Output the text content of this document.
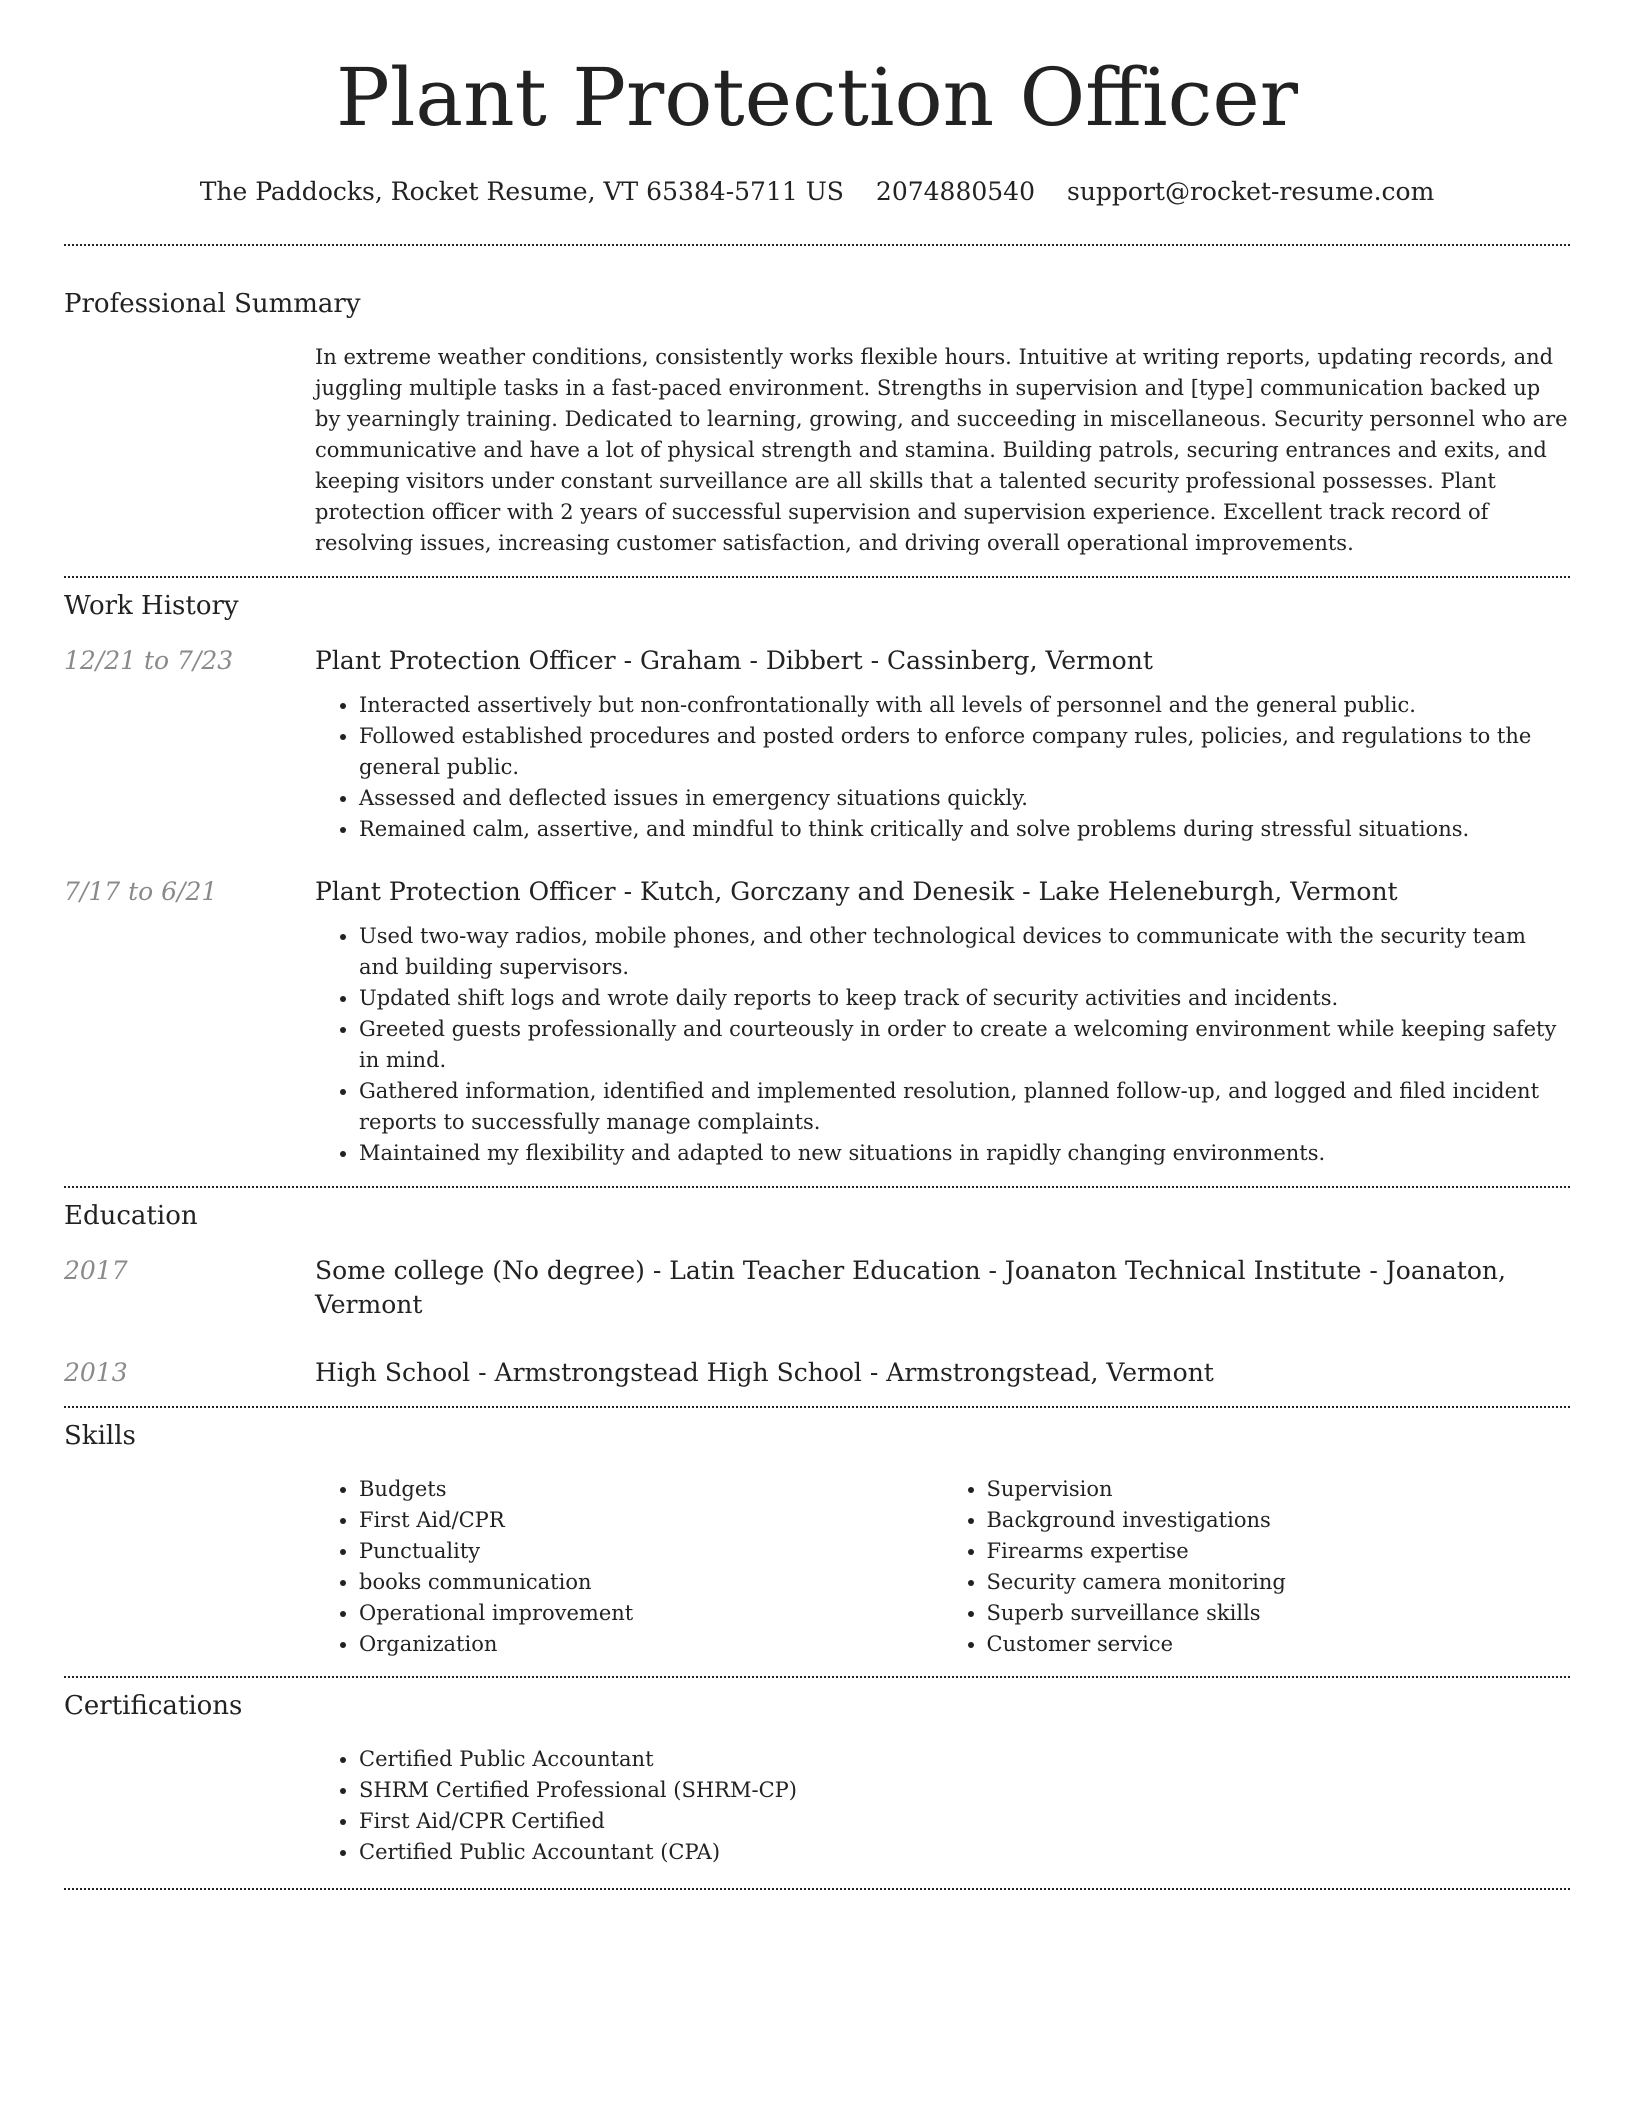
Plant Protection Officer
The Paddocks, Rocket Resume, VT 65384-5711 US 2074880540 support@rocket-resume.com
Professional Summary

In extreme weather conditions, consistently works flexible hours. Intuitive at writing reports, updating records, and juggling multiple tasks in a fast-paced environment. Strengths in supervision and [type] communication backed up by yearningly training. Dedicated to learning, growing, and succeeding in miscellaneous. Security personnel who are communicative and have a lot of physical strength and stamina. Building patrols, securing entrances and exits, and keeping visitors under constant surveillance are all skills that a talented security professional possesses. Plant protection officer with 2 years of successful supervision and supervision experience. Excellent track record of resolving issues, increasing customer satisfaction, and driving overall operational improvements.

Work History
12/21 to 7/23	Plant Protection Officer - Graham - Dibbert - Cassinberg, Vermont
• Interacted assertively but non-confrontationally with all levels of personnel and the general public.
• Followed established procedures and posted orders to enforce company rules, policies, and regulations to the general public.
• Assessed and deflected issues in emergency situations quickly.
• Remained calm, assertive, and mindful to think critically and solve problems during stressful situations.
7/17 to 6/21	Plant Protection Officer - Kutch, Gorczany and Denesik - Lake Heleneburgh, Vermont
• Used two-way radios, mobile phones, and other technological devices to communicate with the security team and building supervisors.
• Updated shift logs and wrote daily reports to keep track of security activities and incidents.
• Greeted guests professionally and courteously in order to create a welcoming environment while keeping safety in mind.
• Gathered information, identified and implemented resolution, planned follow-up, and logged and filed incident reports to successfully manage complaints.
• Maintained my flexibility and adapted to new situations in rapidly changing environments.
Education
2017	Some college (No degree) - Latin Teacher Education - Joanaton Technical Institute - Joanaton, Vermont
2013	High School - Armstrongstead High School - Armstrongstead, Vermont
Skills
• Budgets
• First Aid/CPR
• Punctuality
• books communication
• Operational improvement
• Organization
• Supervision
• Background investigations
• Firearms expertise
• Security camera monitoring
• Superb surveillance skills
• Customer service
Certifications
• Certified Public Accountant
• SHRM Certified Professional (SHRM-CP)
• First Aid/CPR Certified
• Certified Public Accountant (CPA)
